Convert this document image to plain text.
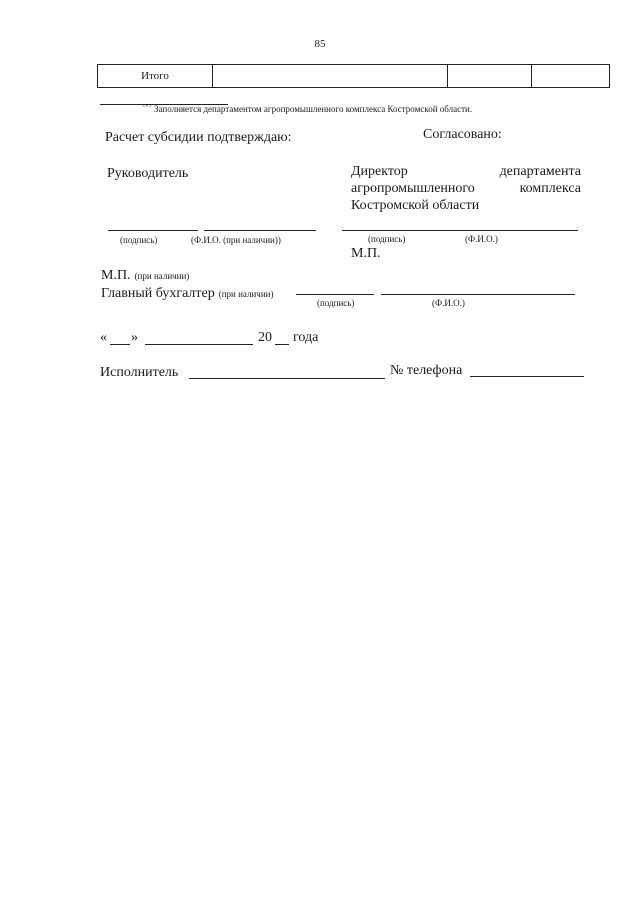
85
Итого			
<*> Заполняется департаментом агропромышленного комплекса Костромской области.
Расчет субсидии подтверждаю:
Руководитель
(подпись)	(Ф.И.О. (при наличии))
Согласовано:
Директор	департамента
агропромышленного	комплекса
Костромской области
(подпись)	(Ф.И.О.)
М.П.
М.П. (при наличии)
Главный бухгалтер (при наличии)
(подпись)	(Ф.И.О.)
« »	20 года
Исполнитель	№ телефона
